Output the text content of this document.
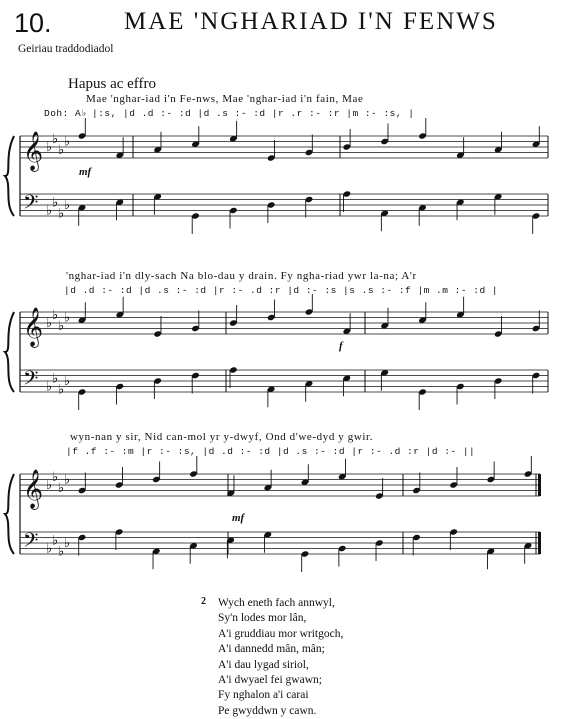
10.	MAE 'NGHARIAD I'N FENWS
Geiriau traddodiadol
Hapus ac effro
Mae 'nghar-iad i'n Fe-nws, Mae 'nghar-iad i'n fain, Mae
Doh: A♭ |:s, |d .d :- :d |d .s :- :d |r .r :- :r |m :- :s, |
𝄞 ♭
♭
♭
♭
𝄢 ♭
♭
♭
♭
'nghar-iad i'n dly-sach Na blo-dau y drain. Fy ngha-riad ywr la-na; A'r
|d .d :- :d |d .s :- :d |r :- .d :r |d :- :s |s .s :- :f |m .m :- :d |
𝄞 ♭
♭
♭
♭
𝄢 ♭
♭
♭
♭
wyn-nan y sir, Nid can-mol yr y-dwyf, Ond d'we-dyd y gwir.
|f .f :- :m |r :- :s, |d .d :- :d |d .s :- :d |r :- .d :r |d :- ||
𝄞 ♭
♭
♭
♭
𝄢 ♭
♭
♭
♭
mf
f
mf
2 Wych eneth fach annwyl,
Sy'n lodes mor lân,
A'i gruddiau mor writgoch,
A'i dannedd mân, mân;
A'i dau lygad siriol,
A'i dwyael fei gwawn;
Fy nghalon a'i carai
Pe gwyddwn y cawn.
